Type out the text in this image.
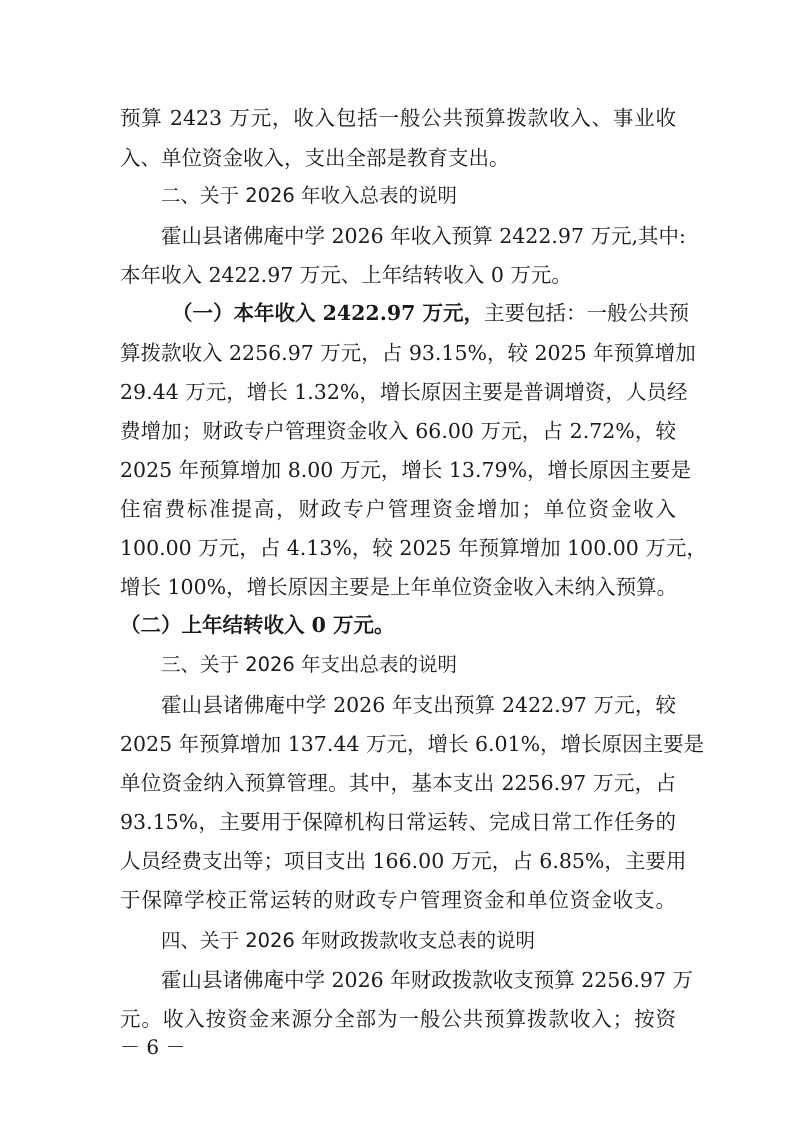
预算 2423 万元，收入包括一般公共预算拨款收入、事业收
入、单位资金收入，支出全部是教育支出。
二、关于 2026 年收入总表的说明
霍山县诸佛庵中学 2026 年收入预算 2422.97 万元,其中:
本年收入 2422.97 万元、上年结转收入 0 万元。
（一）本年收入 2422.97 万元， 主要包括：一般公共预
算拨款收入 2256.97 万元，占 93.15%，较 2025 年预算增加
29.44 万元，增长 1.32%，增长原因主要是普调增资，人员经
费增加；财政专户管理资金收入 66.00 万元，占 2.72%，较
2025 年预算增加 8.00 万元，增长 13.79%，增长原因主要是
住宿费标准提高，财政专户管理资金增加；单位资金收入
100.00 万元，占 4.13%，较 2025 年预算增加 100.00 万元，
增长 100%，增长原因主要是上年单位资金收入未纳入预算。
（二）上年结转收入 0 万元。
三、关于 2026 年支出总表的说明
霍山县诸佛庵中学 2026 年支出预算 2422.97 万元，较
2025 年预算增加 137.44 万元，增长 6.01%，增长原因主要是
单位资金纳入预算管理。其中，基本支出 2256.97 万元，占
93.15%，主要用于保障机构日常运转、完成日常工作任务的
人员经费支出等；项目支出 166.00 万元，占 6.85%，主要用
于保障学校正常运转的财政专户管理资金和单位资金收支。
四、关于 2026 年财政拨款收支总表的说明
霍山县诸佛庵中学 2026 年财政拨款收支预算 2256.97 万
元。收入按资金来源分全部为一般公共预算拨款收入；按资
－ 6 －
